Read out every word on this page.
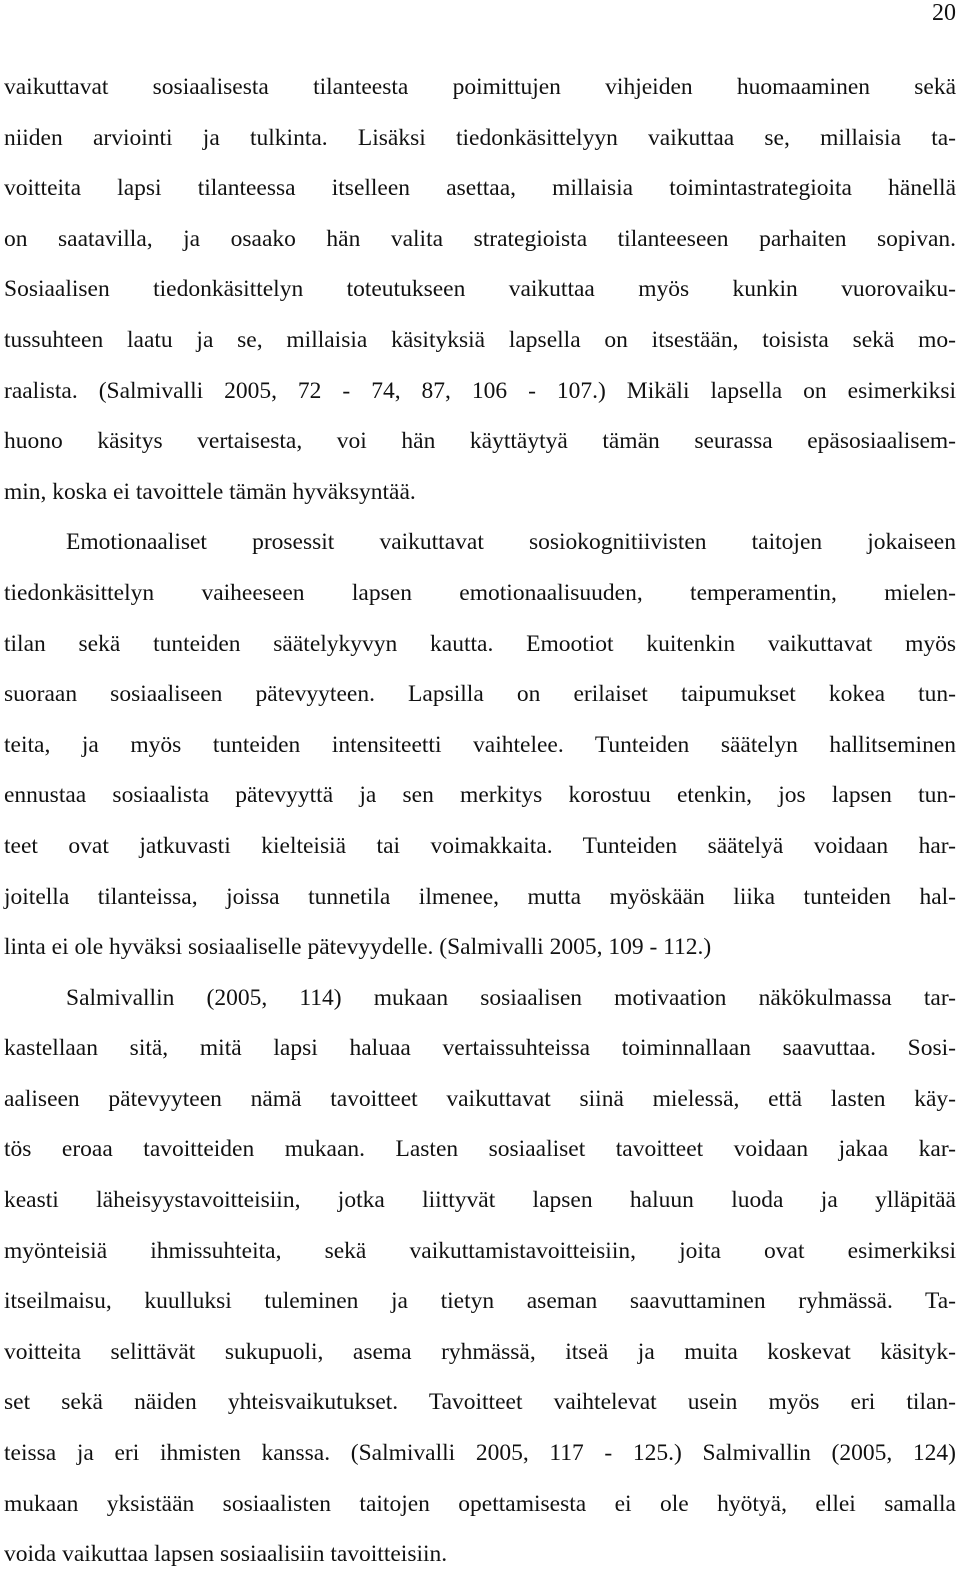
20
vaikuttavat sosiaalisesta tilanteesta poimittujen vihjeiden huomaaminen sekä
niiden arviointi ja tulkinta. Lisäksi tiedonkäsittelyyn vaikuttaa se, millaisia ta-
voitteita lapsi tilanteessa itselleen asettaa, millaisia toimintastrategioita hänellä
on saatavilla, ja osaako hän valita strategioista tilanteeseen parhaiten sopivan.
Sosiaalisen tiedonkäsittelyn toteutukseen vaikuttaa myös kunkin vuorovaiku-
tussuhteen laatu ja se, millaisia käsityksiä lapsella on itsestään, toisista sekä mo-
raalista. (Salmivalli 2005, 72 - 74, 87, 106 - 107.) Mikäli lapsella on esimerkiksi
huono käsitys vertaisesta, voi hän käyttäytyä tämän seurassa epäsosiaalisem-
min, koska ei tavoittele tämän hyväksyntää.
Emotionaaliset prosessit vaikuttavat sosiokognitiivisten taitojen jokaiseen
tiedonkäsittelyn vaiheeseen lapsen emotionaalisuuden, temperamentin, mielen-
tilan sekä tunteiden säätelykyvyn kautta. Emootiot kuitenkin vaikuttavat myös
suoraan sosiaaliseen pätevyyteen. Lapsilla on erilaiset taipumukset kokea tun-
teita, ja myös tunteiden intensiteetti vaihtelee. Tunteiden säätelyn hallitseminen
ennustaa sosiaalista pätevyyttä ja sen merkitys korostuu etenkin, jos lapsen tun-
teet ovat jatkuvasti kielteisiä tai voimakkaita. Tunteiden säätelyä voidaan har-
joitella tilanteissa, joissa tunnetila ilmenee, mutta myöskään liika tunteiden hal-
linta ei ole hyväksi sosiaaliselle pätevyydelle. (Salmivalli 2005, 109 - 112.)
Salmivallin (2005, 114) mukaan sosiaalisen motivaation näkökulmassa tar-
kastellaan sitä, mitä lapsi haluaa vertaissuhteissa toiminnallaan saavuttaa. Sosi-
aaliseen pätevyyteen nämä tavoitteet vaikuttavat siinä mielessä, että lasten käy-
tös eroaa tavoitteiden mukaan. Lasten sosiaaliset tavoitteet voidaan jakaa kar-
keasti läheisyystavoitteisiin, jotka liittyvät lapsen haluun luoda ja ylläpitää
myönteisiä ihmissuhteita, sekä vaikuttamistavoitteisiin, joita ovat esimerkiksi
itseilmaisu, kuulluksi tuleminen ja tietyn aseman saavuttaminen ryhmässä. Ta-
voitteita selittävät sukupuoli, asema ryhmässä, itseä ja muita koskevat käsityk-
set sekä näiden yhteisvaikutukset. Tavoitteet vaihtelevat usein myös eri tilan-
teissa ja eri ihmisten kanssa. (Salmivalli 2005, 117 - 125.) Salmivallin (2005, 124)
mukaan yksistään sosiaalisten taitojen opettamisesta ei ole hyötyä, ellei samalla
voida vaikuttaa lapsen sosiaalisiin tavoitteisiin.
